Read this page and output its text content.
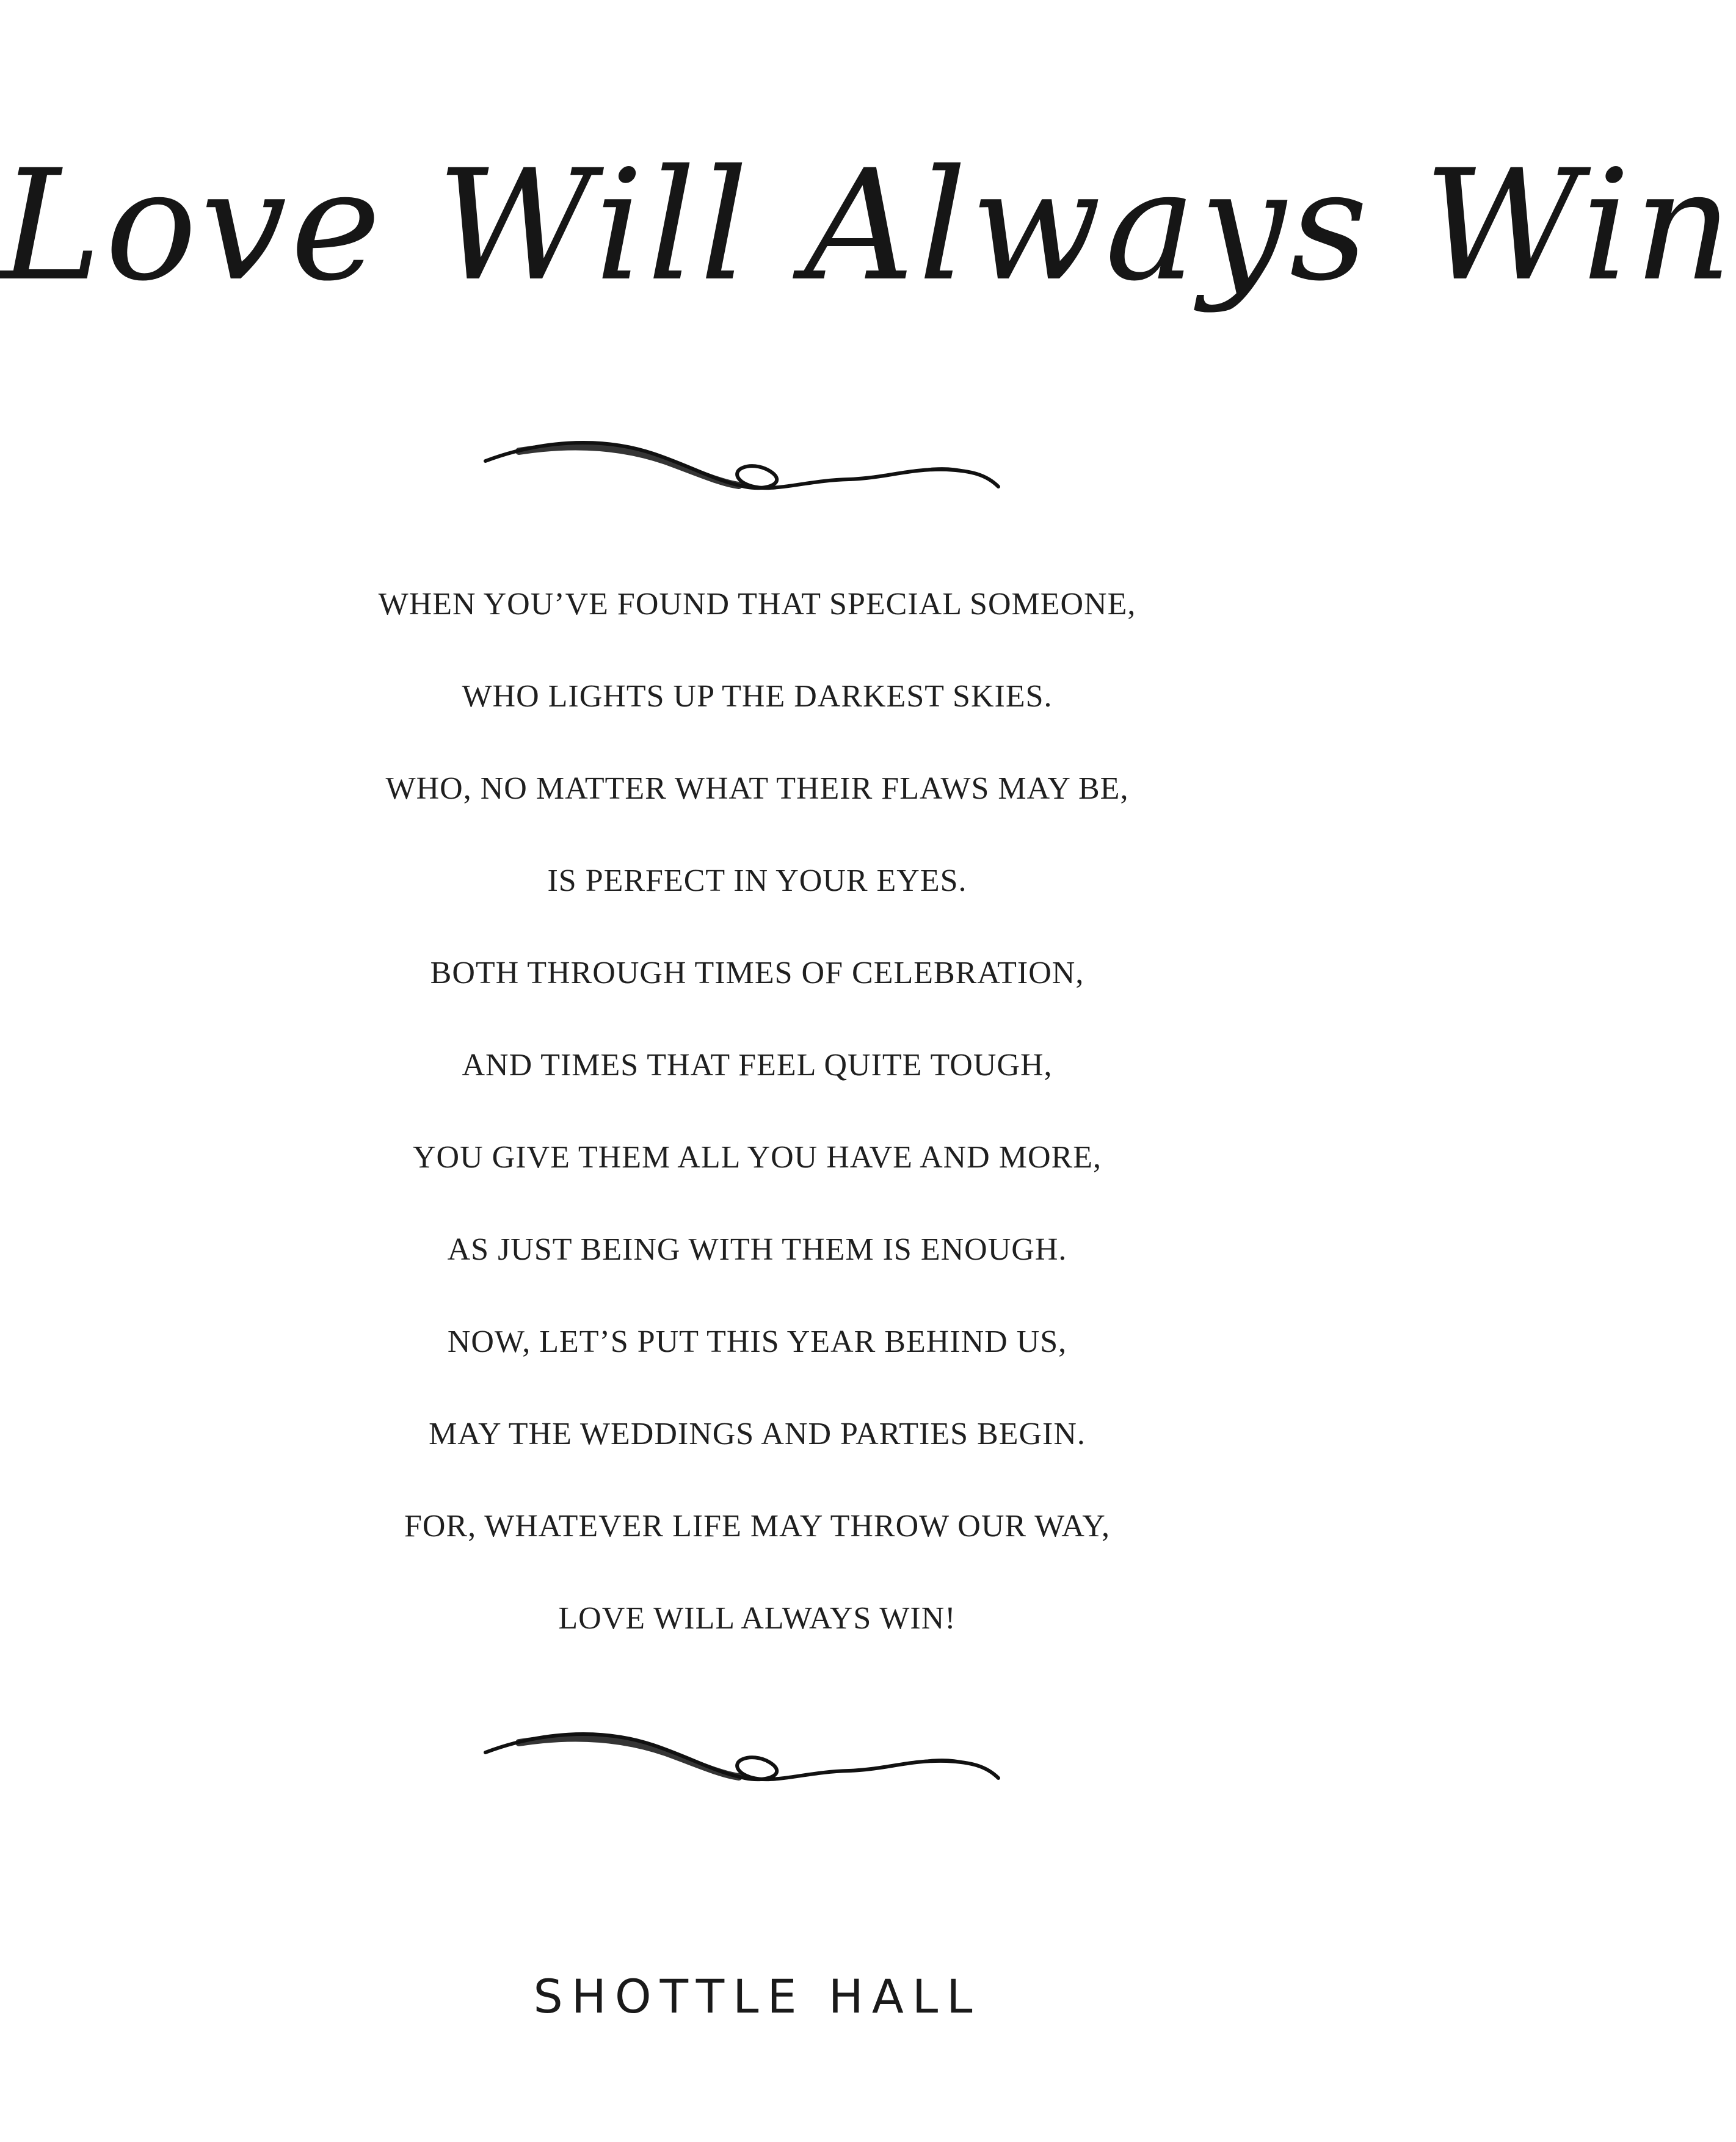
Love Will Always Win
WHEN YOU’VE FOUND THAT SPECIAL SOMEONE,
WHO LIGHTS UP THE DARKEST SKIES.
WHO, NO MATTER WHAT THEIR FLAWS MAY BE,
IS PERFECT IN YOUR EYES.
BOTH THROUGH TIMES OF CELEBRATION,
AND TIMES THAT FEEL QUITE TOUGH,
YOU GIVE THEM ALL YOU HAVE AND MORE,
AS JUST BEING WITH THEM IS ENOUGH.
NOW, LET’S PUT THIS YEAR BEHIND US,
MAY THE WEDDINGS AND PARTIES BEGIN.
FOR, WHATEVER LIFE MAY THROW OUR WAY,
LOVE WILL ALWAYS WIN!
SHOTTLE HALL
